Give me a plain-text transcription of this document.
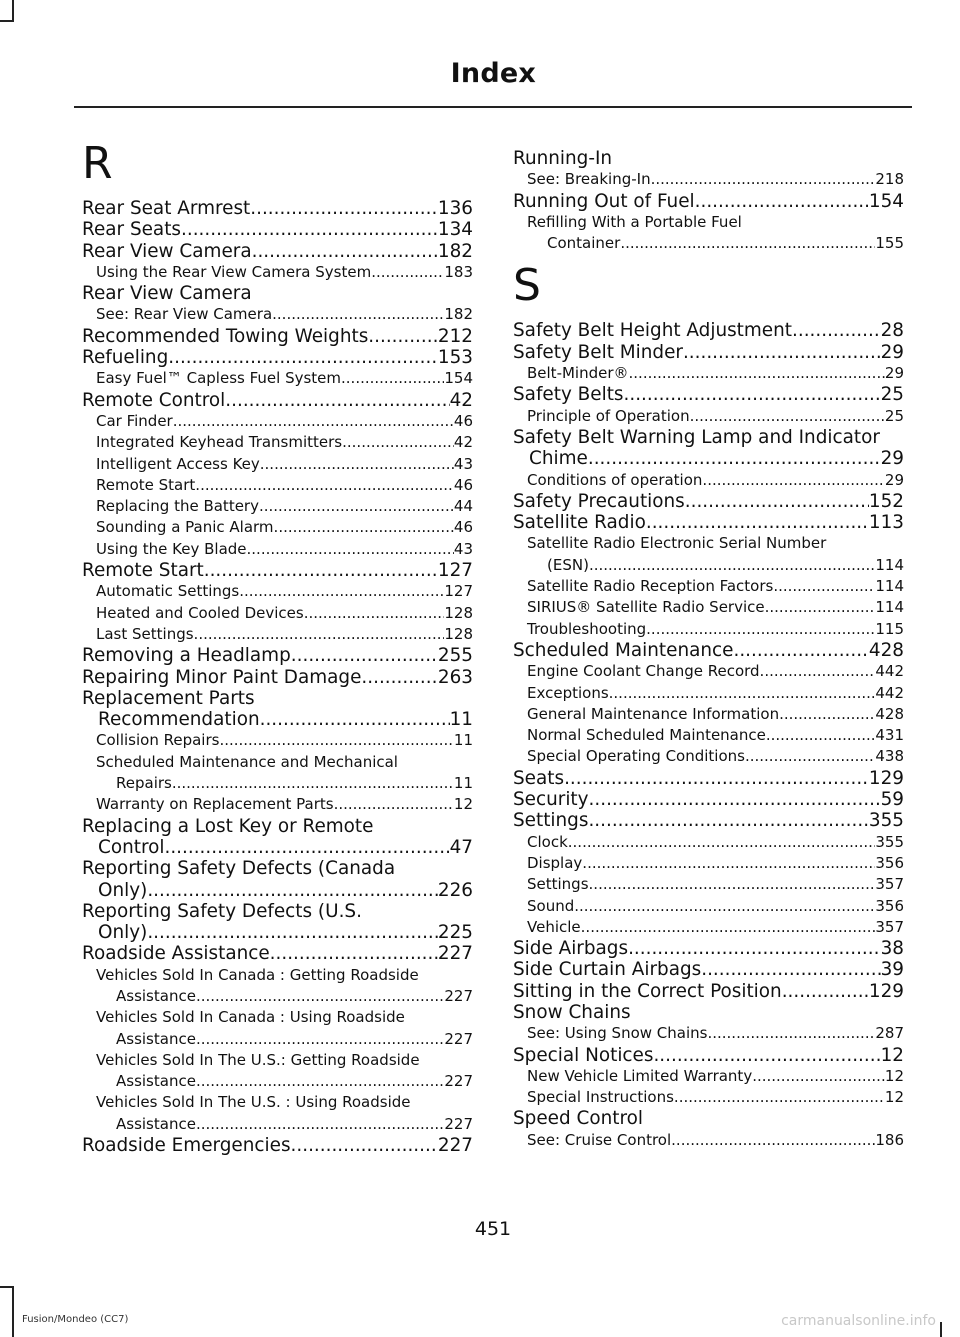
Index
R
Rear Seat Armrest .....	136
Rear Seats .....	134
Rear View Camera .....	182
Using the Rear View Camera System .....	183
Rear View Camera
See: Rear View Camera .....	182
Recommended Towing Weights .....	212
Refueling .....	153
Easy Fuel™ Capless Fuel System .....	154
Remote Control .....	42
Car Finder .....	46
Integrated Keyhead Transmitters .....	42
Intelligent Access Key .....	43
Remote Start .....	46
Replacing the Battery .....	44
Sounding a Panic Alarm .....	46
Using the Key Blade .....	43
Remote Start .....	127
Automatic Settings .....	127
Heated and Cooled Devices .....	128
Last Settings .....	128
Removing a Headlamp .....	255
Repairing Minor Paint Damage .....	263
Replacement Parts
Recommendation .....	11
Collision Repairs .....	11
Scheduled Maintenance and Mechanical
Repairs .....	11
Warranty on Replacement Parts .....	12
Replacing a Lost Key or Remote
Control .....	47
Reporting Safety Defects (Canada
Only) .....	226
Reporting Safety Defects (U.S.
Only) .....	225
Roadside Assistance .....	227
Vehicles Sold In Canada : Getting Roadside
Assistance .....	227
Vehicles Sold In Canada : Using Roadside
Assistance .....	227
Vehicles Sold In The U.S.: Getting Roadside
Assistance .....	227
Vehicles Sold In The U.S. : Using Roadside
Assistance .....	227
Roadside Emergencies .....	227
Running-In
See: Breaking-In .....	218
Running Out of Fuel .....	154
Refilling With a Portable Fuel
Container .....	155
S
Safety Belt Height Adjustment .....	28
Safety Belt Minder .....	29
Belt-Minder® .....	29
Safety Belts .....	25
Principle of Operation .....	25
Safety Belt Warning Lamp and Indicator
Chime .....	29
Conditions of operation .....	29
Safety Precautions .....	152
Satellite Radio .....	113
Satellite Radio Electronic Serial Number
(ESN) .....	114
Satellite Radio Reception Factors .....	114
SIRIUS® Satellite Radio Service .....	114
Troubleshooting .....	115
Scheduled Maintenance .....	428
Engine Coolant Change Record .....	442
Exceptions .....	442
General Maintenance Information .....	428
Normal Scheduled Maintenance .....	431
Special Operating Conditions .....	438
Seats .....	129
Security .....	59
Settings .....	355
Clock .....	355
Display .....	356
Settings .....	357
Sound .....	356
Vehicle .....	357
Side Airbags .....	38
Side Curtain Airbags .....	39
Sitting in the Correct Position .....	129
Snow Chains
See: Using Snow Chains .....	287
Special Notices .....	12
New Vehicle Limited Warranty .....	12
Special Instructions .....	12
Speed Control
See: Cruise Control .....	186
451
Fusion/Mondeo (CC7)	carmanualsonline.info
